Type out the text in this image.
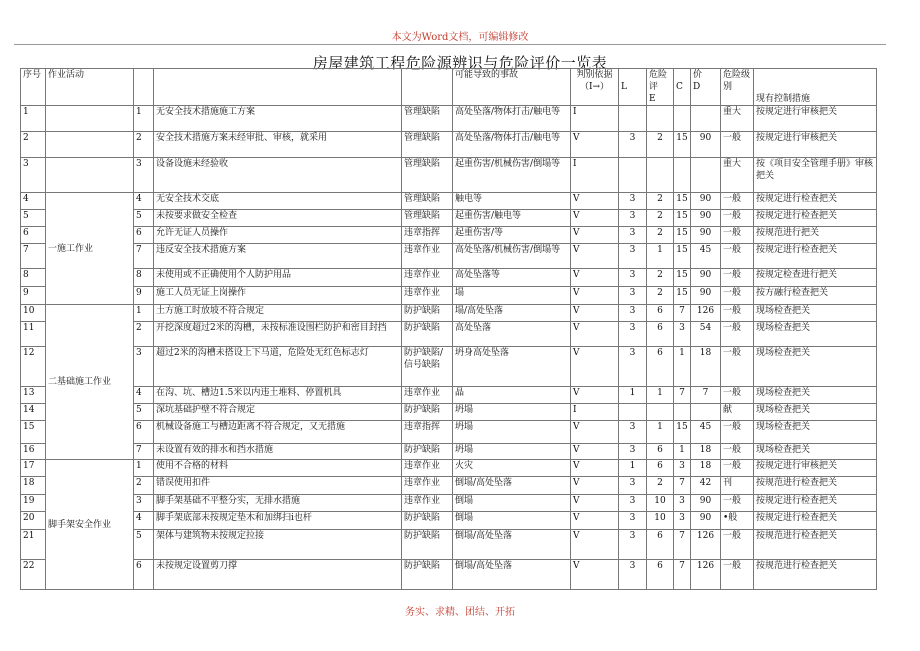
本文为Word文档，可编辑修改
房屋建筑工程危险源辨识与危险评价一览表
序号	作业活动				可能导致的事故	判别依据
（I→）	L	危险评
E	C	价
D	危险级
别	现有控制措施
1		1	无安全技术措施施工方案	管理缺陷	高处坠落/物体打击/触电等	I					重大	按规定进行审核把关
2		2	安全技术措施方案未经审批、审核，就采用	管理缺陷	高处坠落/物体打击/触电等	V	3	2	15	90	一般	按规定进行审核把关
3		3	设备设施未经验收	管理缺陷	起重伤害/机械伤害/倒塌等	I					重大	按《项目安全管理手册》审核把关
4	一施工作业	4	无安全技术交底	管理缺陷	触电等	V	3	2	15	90	一般	按规定进行检查把关
5		5	未按要求做安全检查	管理缺陷	起重伤害/触电等	V	3	2	15	90	一般	按规定进行检查把关
6		6	允许无证人员操作	违章指挥	起重伤害/等	V	3	2	15	90	一般	按规范进行把关
7		7	违反安全技术措施方案	违章作业	高处坠落/机械伤害/倒塌等	V	3	1	15	45	一般	按规定进行检查把关
8		8	未使用或不正确使用个人防护用品	违章作业	高处坠落等	V	3	2	15	90	一般	按规定检查进行把关
9		9	施工人员无证上岗操作	违章作业	塌	V	3	2	15	90	一般	按方融行检查把关
10	二基础施工作业	1	土方施工时放坡不符合规定	防护缺陷	塌/高处坠落	V	3	6	7	126	一般	现场检查把关
11		2	开挖深度超过2米的沟槽，未按标准设围栏防护和密目封挡	防护缺陷	高处坠落	V	3	6	3	54	一般	现场检查把关
12		3	超过2米的沟槽未搭设上下马道，危险处无红色标志灯	防护缺陷/信号缺陷	坍身高处坠落	V	3	6	1	18	一般	现场检查把关
13		4	在沟、坑、槽边1.5米以内违土堆料、停置机具	违章作业	晶	V	1	1	7	7	一般	现场检查把关
14		5	深坑基础护壁不符合规定	防护缺陷	坍塌	I					献	现场检查把关
15		6	机械设备施工与槽边距离不符合规定，又无措施	违章指挥	坍塌	V	3	1	15	45	一般	现场检查把关
16		7	未设置有效的排水和挡水措施	防护缺陷	坍塌	V	3	6	1	18	一般	现场检查把关
17	脚手架安全作业	1	使用不合格的材料	违章作业	火灾	V	1	6	3	18	一般	按规定进行审核把关
18		2	错误使用扣件	违章作业	倒塌/高处坠落	V	3	2	7	42	刊	按规范进行检查把关
19		3	脚手架基础不平整分实，无排水措施	违章作业	倒塌	V	3	10	3	90	一般	按规定进行检查把关
20		4	脚手架底部未按规定垫木和加绑扫i也杆	防护缺陷	倒塌	V	3	10	3	90	•般	按规定进行检查把关
21		5	架体与建筑物未按规定拉接	防护缺陷	倒塌/高处坠落	V	3	6	7	126	一般	按规范进行检查把关
22		6	未按规定设置剪刀撑	防护缺陷	倒塌/高处坠落	V	3	6	7	126	一般	按规范进行检查把关
务实、求精、团结、开拓
